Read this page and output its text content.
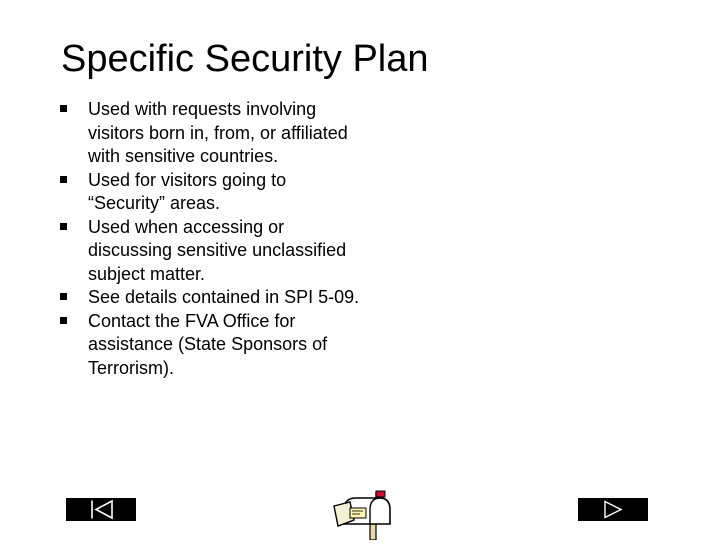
Specific Security Plan
Used with requests involving visitors born in, from, or affiliated with sensitive countries.
Used for visitors going to “Security” areas.
Used when accessing or discussing sensitive unclassified subject matter.
See details contained in SPI 5-09.
Contact the FVA Office for assistance (State Sponsors of Terrorism).
